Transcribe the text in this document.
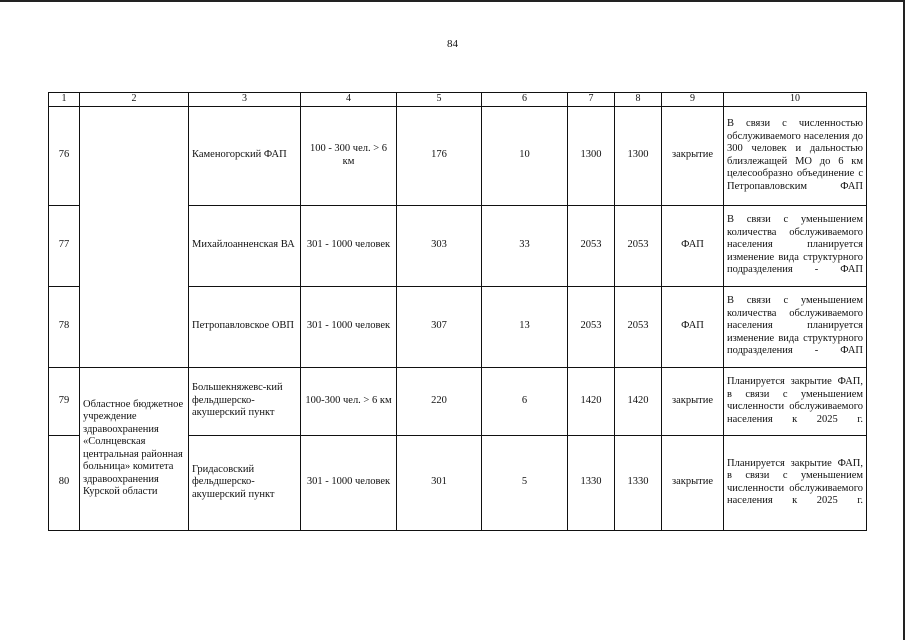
84
1	2	3	4	5	6	7	8	9	10
76		Каменогорский ФАП	100 - 300 чел. > 6 км	176	10	1300	1300	закрытие	В связи с численностью обслуживаемого населения до 300 человек и дальностью близлежащей МО до 6 км целесообразно объединение с Петропавловским ФАП
77		Михайлоанненская ВА	301 - 1000 человек	303	33	2053	2053	ФАП	В связи с уменьшением количества обслуживаемого населения планируется изменение вида структурного подразделения - ФАП
78		Петропавловское ОВП	301 - 1000 человек	307	13	2053	2053	ФАП	В связи с уменьшением количества обслуживаемого населения планируется изменение вида структурного подразделения - ФАП
79	Областное бюджетное учреждение здравоохранения «Солнцевская центральная районная больница» комитета здравоохранения Курской области	Большекняжевс-кий фельдшерско-акушерский пункт	100-300 чел. > 6 км	220	6	1420	1420	закрытие	Планируется закрытие ФАП, в связи с уменьшением численности обслуживаемого населения к 2025 г.
80		Гридасовский фельдшерско-акушерский пункт	301 - 1000 человек	301	5	1330	1330	закрытие	Планируется закрытие ФАП, в связи с уменьшением численности обслуживаемого населения к 2025 г.
